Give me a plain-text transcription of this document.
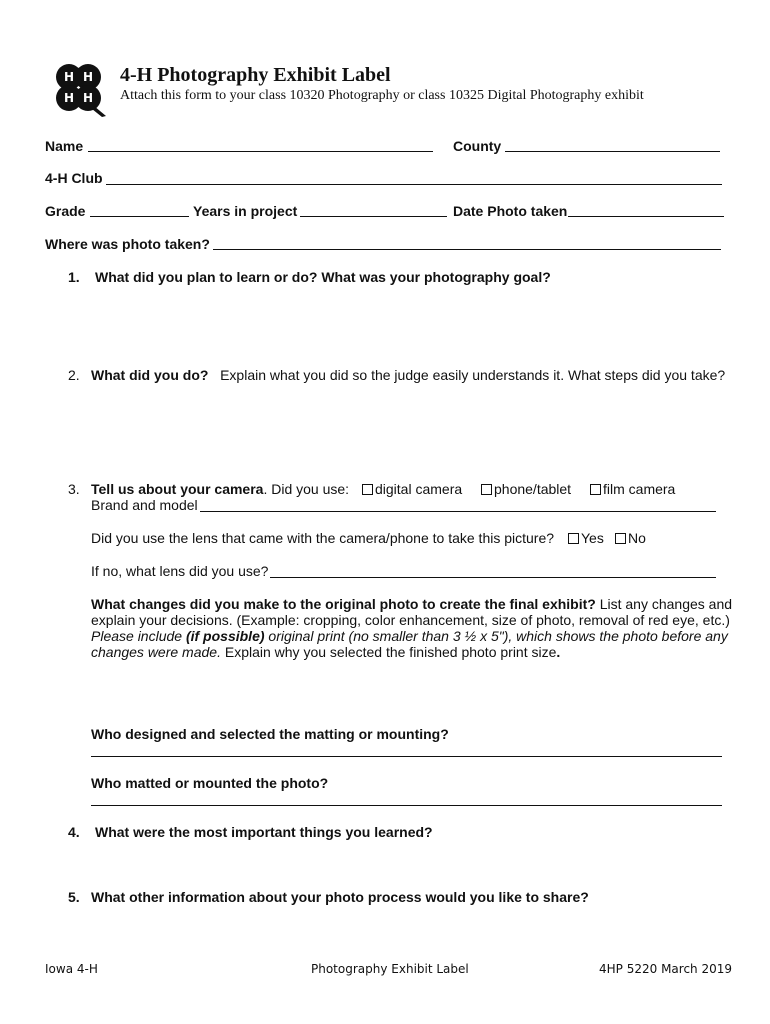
H H
H H
4-H Photography Exhibit Label
Attach this form to your class 10320 Photography or class 10325 Digital Photography exhibit
Name	County
4-H Club
Grade	Years in project	Date Photo taken
Where was photo taken?
1. What did you plan to learn or do? What was your photography goal?
2. What did you do? Explain what you did so the judge easily understands it. What steps did you take?
3. Tell us about your camera. Did you use:	digital camera	phone/tablet	film camera
Brand and model
Did you use the lens that came with the camera/phone to take this picture?	Yes	No
If no, what lens did you use?
What changes did you make to the original photo to create the final exhibit? List any changes and
explain your decisions. (Example: cropping, color enhancement, size of photo, removal of red eye, etc.)
Please include (if possible) original print (no smaller than 3 ½ x 5"), which shows the photo before any
changes were made. Explain why you selected the finished photo print size.
Who designed and selected the matting or mounting?
Who matted or mounted the photo?
4. What were the most important things you learned?
5. What other information about your photo process would you like to share?
Iowa 4-H	Photography Exhibit Label	4HP 5220 March 2019
